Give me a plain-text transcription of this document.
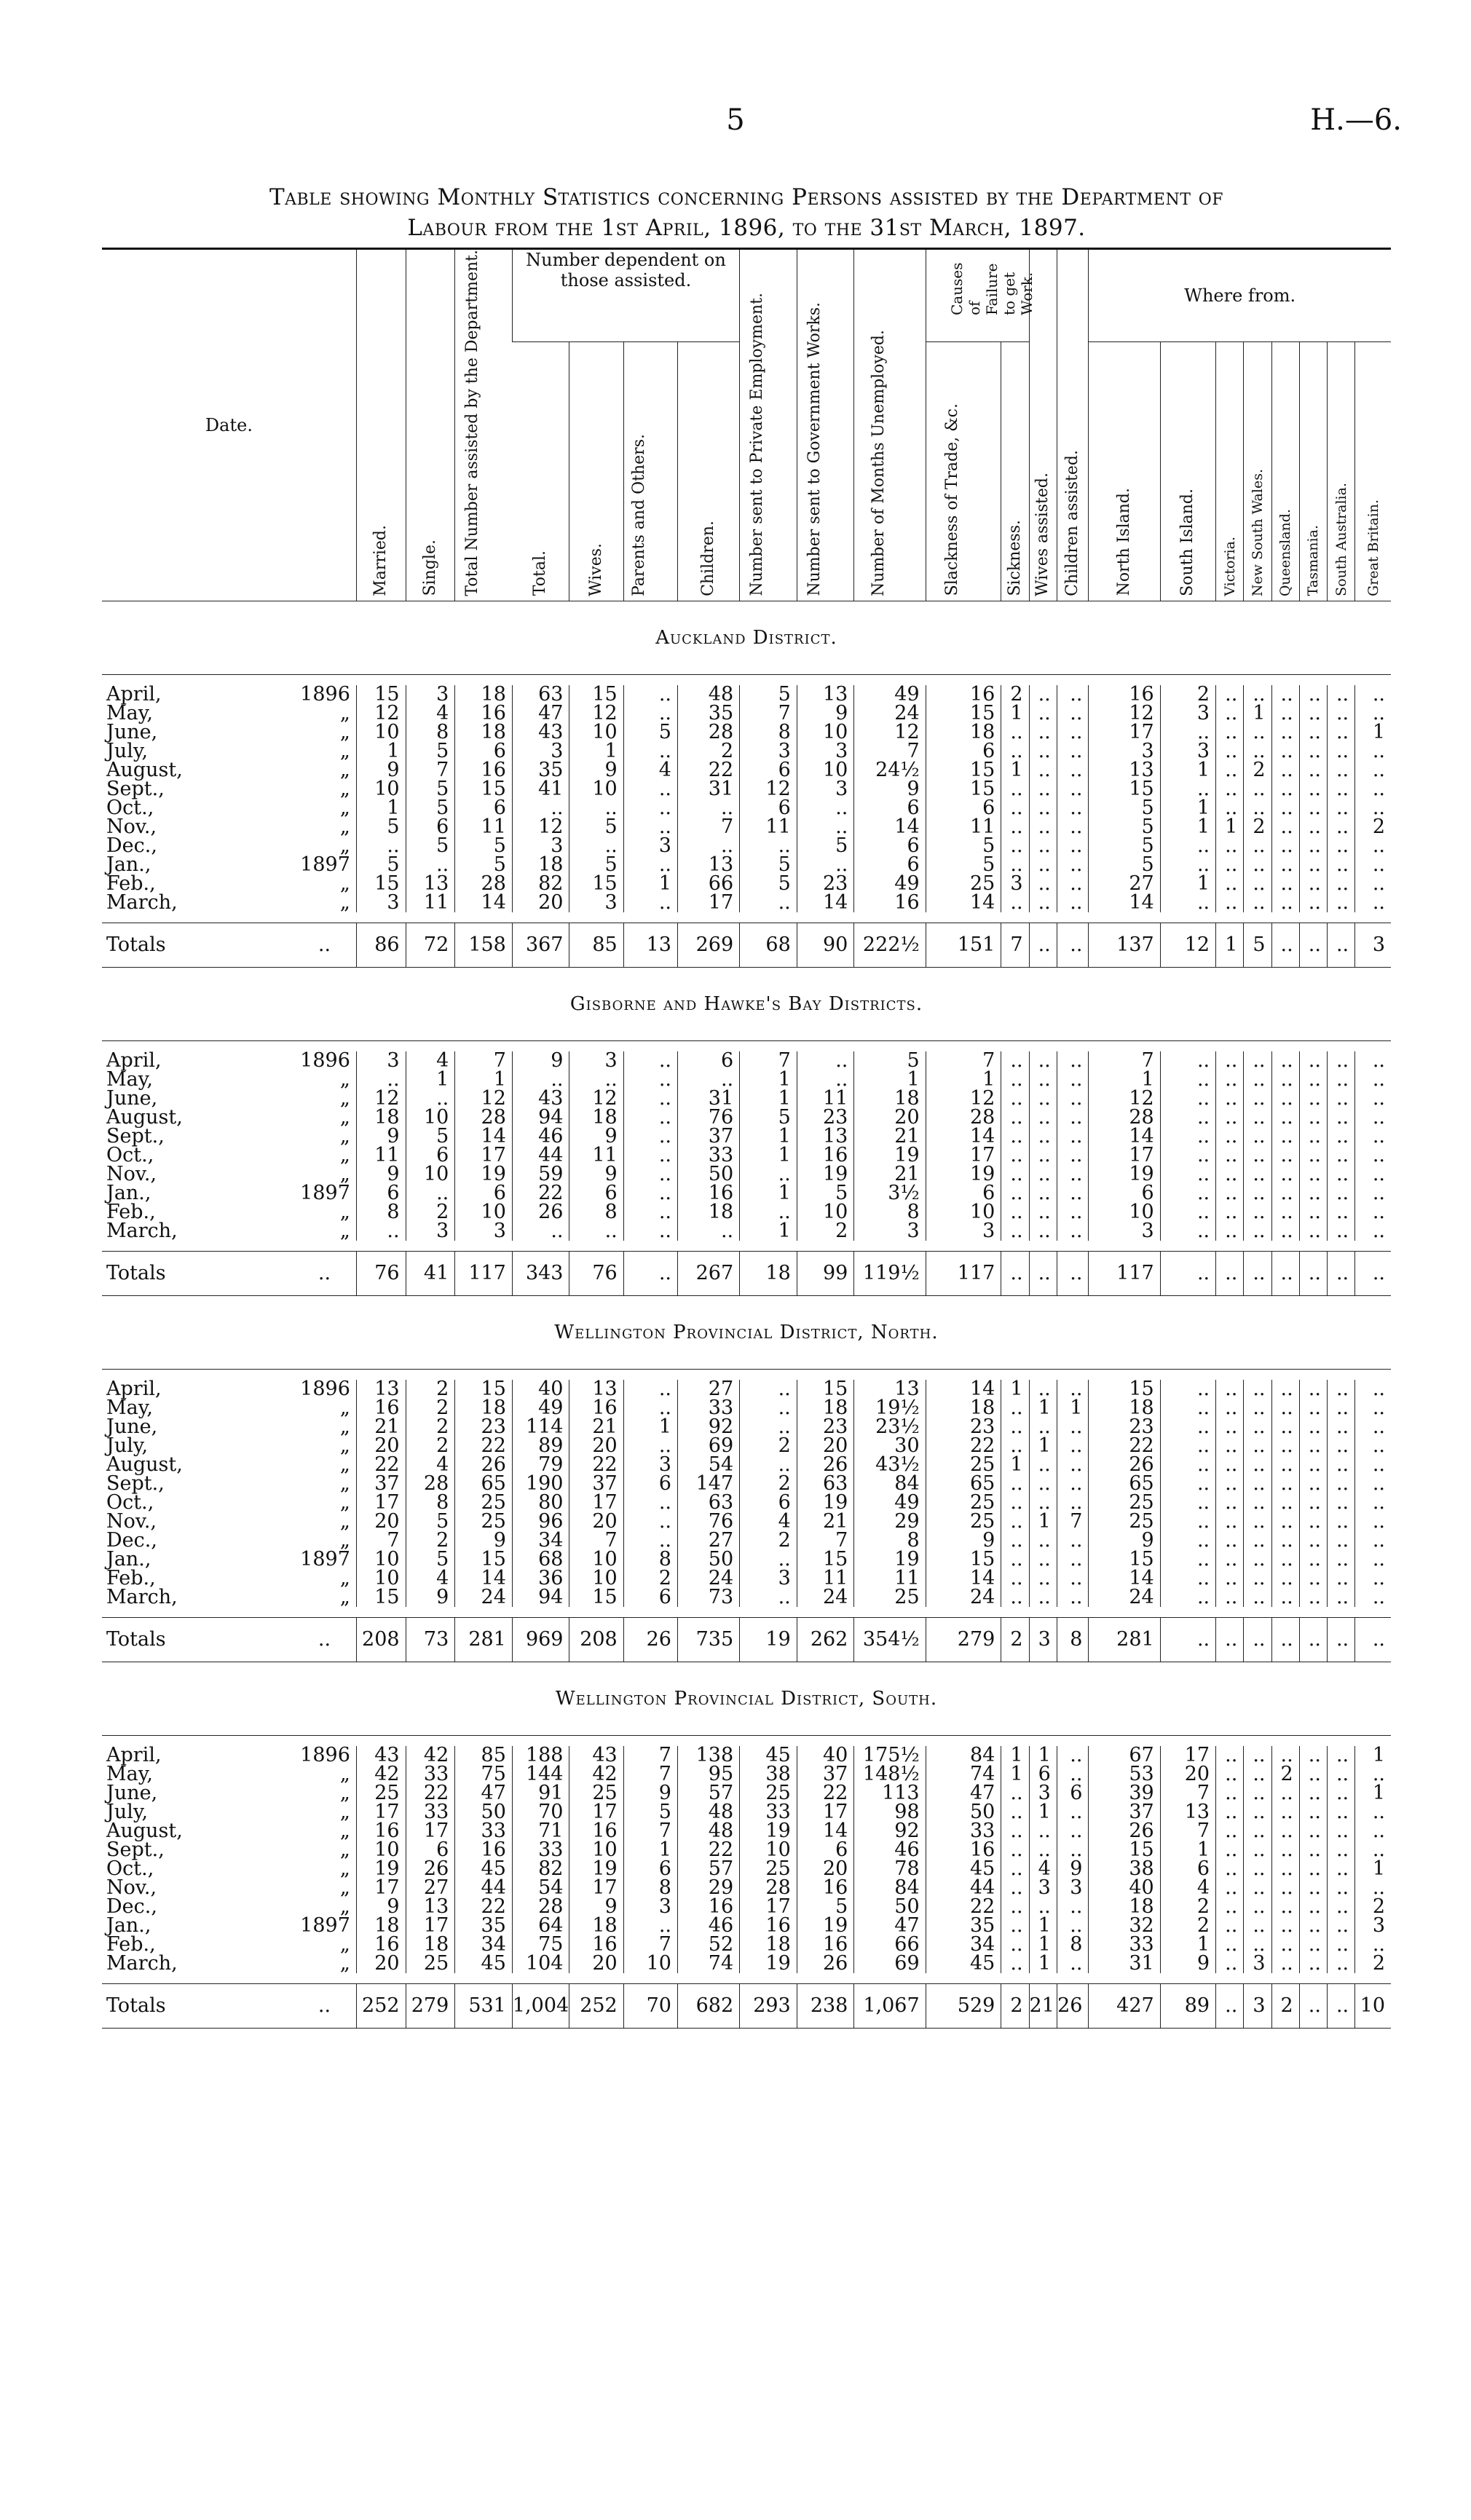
5	H.—6.
Table showing Monthly Statistics concerning Persons assisted by the Department of
Labour from the 1st April, 1896, to the 31st March, 1897.

Date.		Married.	Single.	Total Number assisted by the Department.	Number dependent on those assisted.				Number sent to Private Employment.	Number sent to Government Works.	Number of Months Unemployed.	Causes of Failure to get Work.		Wives assisted.	Children assisted.	Where from.							
					Total.	Wives.	Parents and Others.	Children.				Slackness of Trade, &c.	Sickness.			North Island.	South Island.	Victoria.	New South Wales.	Queensland.	Tasmania.	South Australia.	Great Britain.
Auckland District.																							

April,	1896	15	3	18	63	15	..	48	5	13	49	16	2	..	..	16	2	..	..	..	..	..	..
May,	„	12	4	16	47	12	..	35	7	9	24	15	1	..	..	12	3	..	1	..	..	..	..
June,	„	10	8	18	43	10	5	28	8	10	12	18	..	..	..	17	..	..	..	..	..	..	1
July,	„	1	5	6	3	1	..	2	3	3	7	6	..	..	..	3	3	..	..	..	..	..	..
August,	„	9	7	16	35	9	4	22	6	10	24½	15	1	..	..	13	1	..	2	..	..	..	..
Sept.,	„	10	5	15	41	10	..	31	12	3	9	15	..	..	..	15	..	..	..	..	..	..	..
Oct.,	„	1	5	6	..	..	..	..	6	..	6	6	..	..	..	5	1	..	..	..	..	..	..
Nov.,	„	5	6	11	12	5	..	7	11	..	14	11	..	..	..	5	1	1	2	..	..	..	2
Dec.,	„	..	5	5	3	..	3	..	..	5	6	5	..	..	..	5	..	..	..	..	..	..	..
Jan.,	1897	5	..	5	18	5	..	13	5	..	6	5	..	..	..	5	..	..	..	..	..	..	..
Feb.,	„	15	13	28	82	15	1	66	5	23	49	25	3	..	..	27	1	..	..	..	..	..	..
March,	„	3	11	14	20	3	..	17	..	14	16	14	..	..	..	14	..	..	..	..	..	..	..

Totals	..	86	72	158	367	85	13	269	68	90	222½	151	7	..	..	137	12	1	5	..	..	..	3
Gisborne and Hawke's Bay Districts.																							

April,	1896	3	4	7	9	3	..	6	7	..	5	7	..	..	..	7	..	..	..	..	..	..	..
May,	„	..	1	1	..	..	..	..	1	..	1	1	..	..	..	1	..	..	..	..	..	..	..
June,	„	12	..	12	43	12	..	31	1	11	18	12	..	..	..	12	..	..	..	..	..	..	..
August,	„	18	10	28	94	18	..	76	5	23	20	28	..	..	..	28	..	..	..	..	..	..	..
Sept.,	„	9	5	14	46	9	..	37	1	13	21	14	..	..	..	14	..	..	..	..	..	..	..
Oct.,	„	11	6	17	44	11	..	33	1	16	19	17	..	..	..	17	..	..	..	..	..	..	..
Nov.,	„	9	10	19	59	9	..	50	..	19	21	19	..	..	..	19	..	..	..	..	..	..	..
Jan.,	1897	6	..	6	22	6	..	16	1	5	3½	6	..	..	..	6	..	..	..	..	..	..	..
Feb.,	„	8	2	10	26	8	..	18	..	10	8	10	..	..	..	10	..	..	..	..	..	..	..
March,	„	..	3	3	..	..	..	..	1	2	3	3	..	..	..	3	..	..	..	..	..	..	..

Totals	..	76	41	117	343	76	..	267	18	99	119½	117	..	..	..	117	..	..	..	..	..	..	..
Wellington Provincial District, North.																							

April,	1896	13	2	15	40	13	..	27	..	15	13	14	1	..	..	15	..	..	..	..	..	..	..
May,	„	16	2	18	49	16	..	33	..	18	19½	18	..	1	1	18	..	..	..	..	..	..	..
June,	„	21	2	23	114	21	1	92	..	23	23½	23	..	..	..	23	..	..	..	..	..	..	..
July,	„	20	2	22	89	20	..	69	2	20	30	22	..	1	..	22	..	..	..	..	..	..	..
August,	„	22	4	26	79	22	3	54	..	26	43½	25	1	..	..	26	..	..	..	..	..	..	..
Sept.,	„	37	28	65	190	37	6	147	2	63	84	65	..	..	..	65	..	..	..	..	..	..	..
Oct.,	„	17	8	25	80	17	..	63	6	19	49	25	..	..	..	25	..	..	..	..	..	..	..
Nov.,	„	20	5	25	96	20	..	76	4	21	29	25	..	1	7	25	..	..	..	..	..	..	..
Dec.,	„	7	2	9	34	7	..	27	2	7	8	9	..	..	..	9	..	..	..	..	..	..	..
Jan.,	1897	10	5	15	68	10	8	50	..	15	19	15	..	..	..	15	..	..	..	..	..	..	..
Feb.,	„	10	4	14	36	10	2	24	3	11	11	14	..	..	..	14	..	..	..	..	..	..	..
March,	„	15	9	24	94	15	6	73	..	24	25	24	..	..	..	24	..	..	..	..	..	..	..

Totals	..	208	73	281	969	208	26	735	19	262	354½	279	2	3	8	281	..	..	..	..	..	..	..
Wellington Provincial District, South.																							

April,	1896	43	42	85	188	43	7	138	45	40	175½	84	1	1	..	67	17	..	..	..	..	..	1
May,	„	42	33	75	144	42	7	95	38	37	148½	74	1	6	..	53	20	..	..	2	..	..	..
June,	„	25	22	47	91	25	9	57	25	22	113	47	..	3	6	39	7	..	..	..	..	..	1
July,	„	17	33	50	70	17	5	48	33	17	98	50	..	1	..	37	13	..	..	..	..	..	..
August,	„	16	17	33	71	16	7	48	19	14	92	33	..	..	..	26	7	..	..	..	..	..	..
Sept.,	„	10	6	16	33	10	1	22	10	6	46	16	..	..	..	15	1	..	..	..	..	..	..
Oct.,	„	19	26	45	82	19	6	57	25	20	78	45	..	4	9	38	6	..	..	..	..	..	1
Nov.,	„	17	27	44	54	17	8	29	28	16	84	44	..	3	3	40	4	..	..	..	..	..	..
Dec.,	„	9	13	22	28	9	3	16	17	5	50	22	..	..	..	18	2	..	..	..	..	..	2
Jan.,	1897	18	17	35	64	18	..	46	16	19	47	35	..	1	..	32	2	..	..	..	..	..	3
Feb.,	„	16	18	34	75	16	7	52	18	16	66	34	..	1	8	33	1	..	..	..	..	..	..
March,	„	20	25	45	104	20	10	74	19	26	69	45	..	1	..	31	9	..	3	..	..	..	2

Totals	..	252	279	531	1,004	252	70	682	293	238	1,067	529	2	21	26	427	89	..	3	2	..	..	10
